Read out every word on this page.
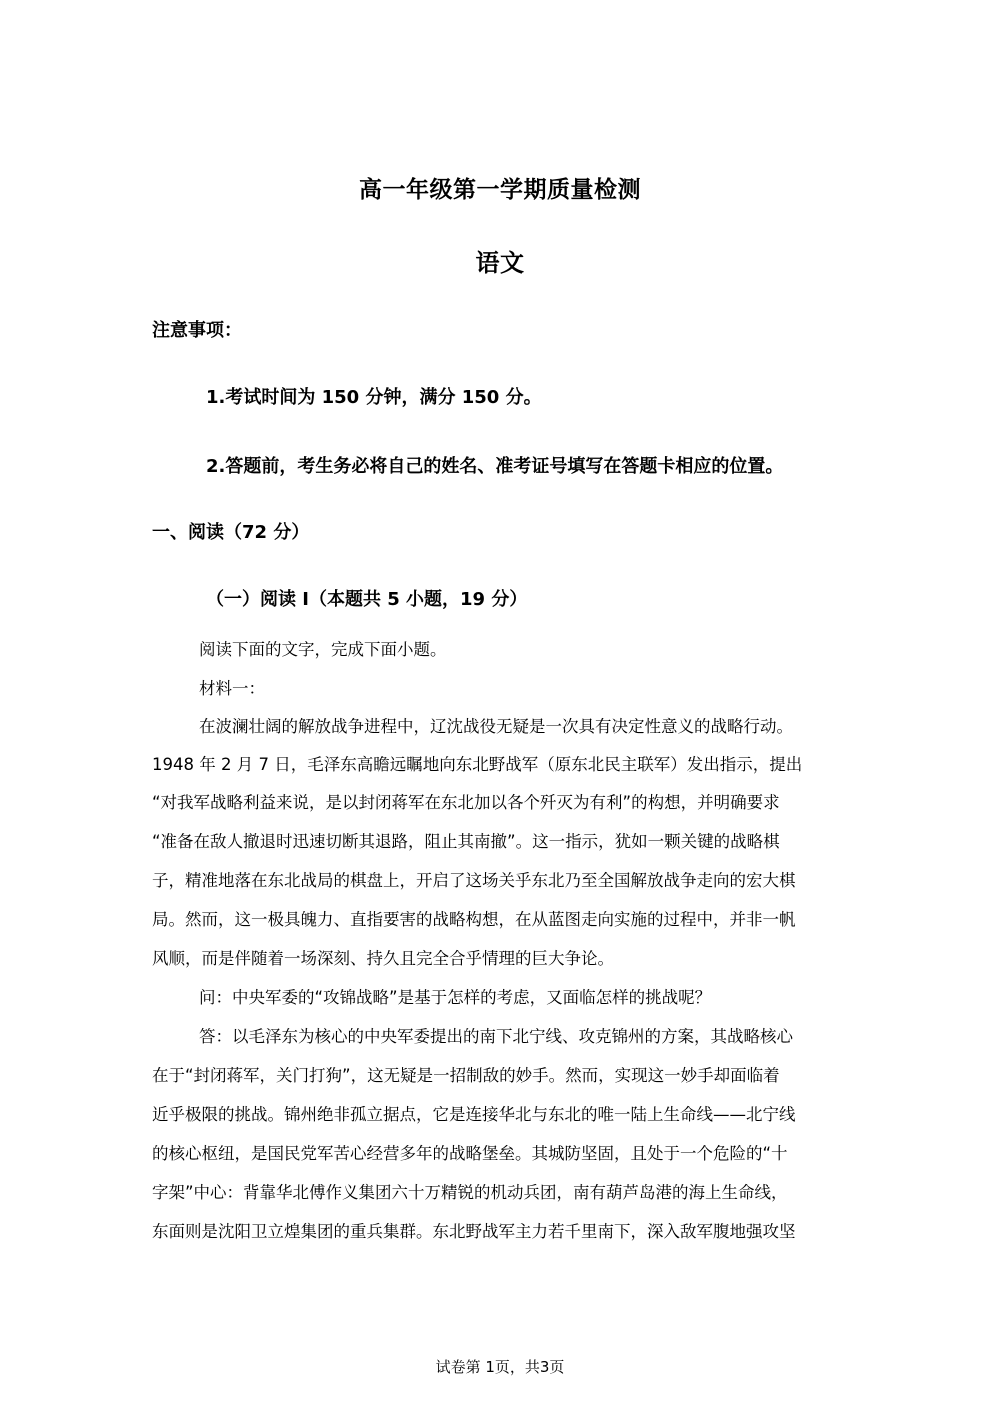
高一年级第一学期质量检测
语文
注意事项：
1.考试时间为 150 分钟，满分 150 分。
2.答题前，考生务必将自己的姓名、准考证号填写在答题卡相应的位置。
一、阅读（72 分）
（一）阅读 I（本题共 5 小题，19 分）
阅读下面的文字，完成下面小题。
材料一：
在波澜壮阔的解放战争进程中，辽沈战役无疑是一次具有决定性意义的战略行动。
1948 年 2 月 7 日，毛泽东高瞻远瞩地向东北野战军（原东北民主联军）发出指示，提出
“对我军战略利益来说，是以封闭蒋军在东北加以各个歼灭为有利”的构想，并明确要求
“准备在敌人撤退时迅速切断其退路，阻止其南撤”。这一指示，犹如一颗关键的战略棋
子，精准地落在东北战局的棋盘上，开启了这场关乎东北乃至全国解放战争走向的宏大棋
局。然而，这一极具魄力、直指要害的战略构想，在从蓝图走向实施的过程中，并非一帆
风顺，而是伴随着一场深刻、持久且完全合乎情理的巨大争论。
问：中央军委的“攻锦战略”是基于怎样的考虑，又面临怎样的挑战呢？
答：以毛泽东为核心的中央军委提出的南下北宁线、攻克锦州的方案，其战略核心
在于“封闭蒋军，关门打狗”，这无疑是一招制敌的妙手。然而，实现这一妙手却面临着
近乎极限的挑战。锦州绝非孤立据点，它是连接华北与东北的唯一陆上生命线——北宁线
的核心枢纽，是国民党军苦心经营多年的战略堡垒。其城防坚固，且处于一个危险的“十
字架”中心：背靠华北傅作义集团六十万精锐的机动兵团，南有葫芦岛港的海上生命线，
东面则是沈阳卫立煌集团的重兵集群。东北野战军主力若千里南下，深入敌军腹地强攻坚
试卷第 1页，共3页
